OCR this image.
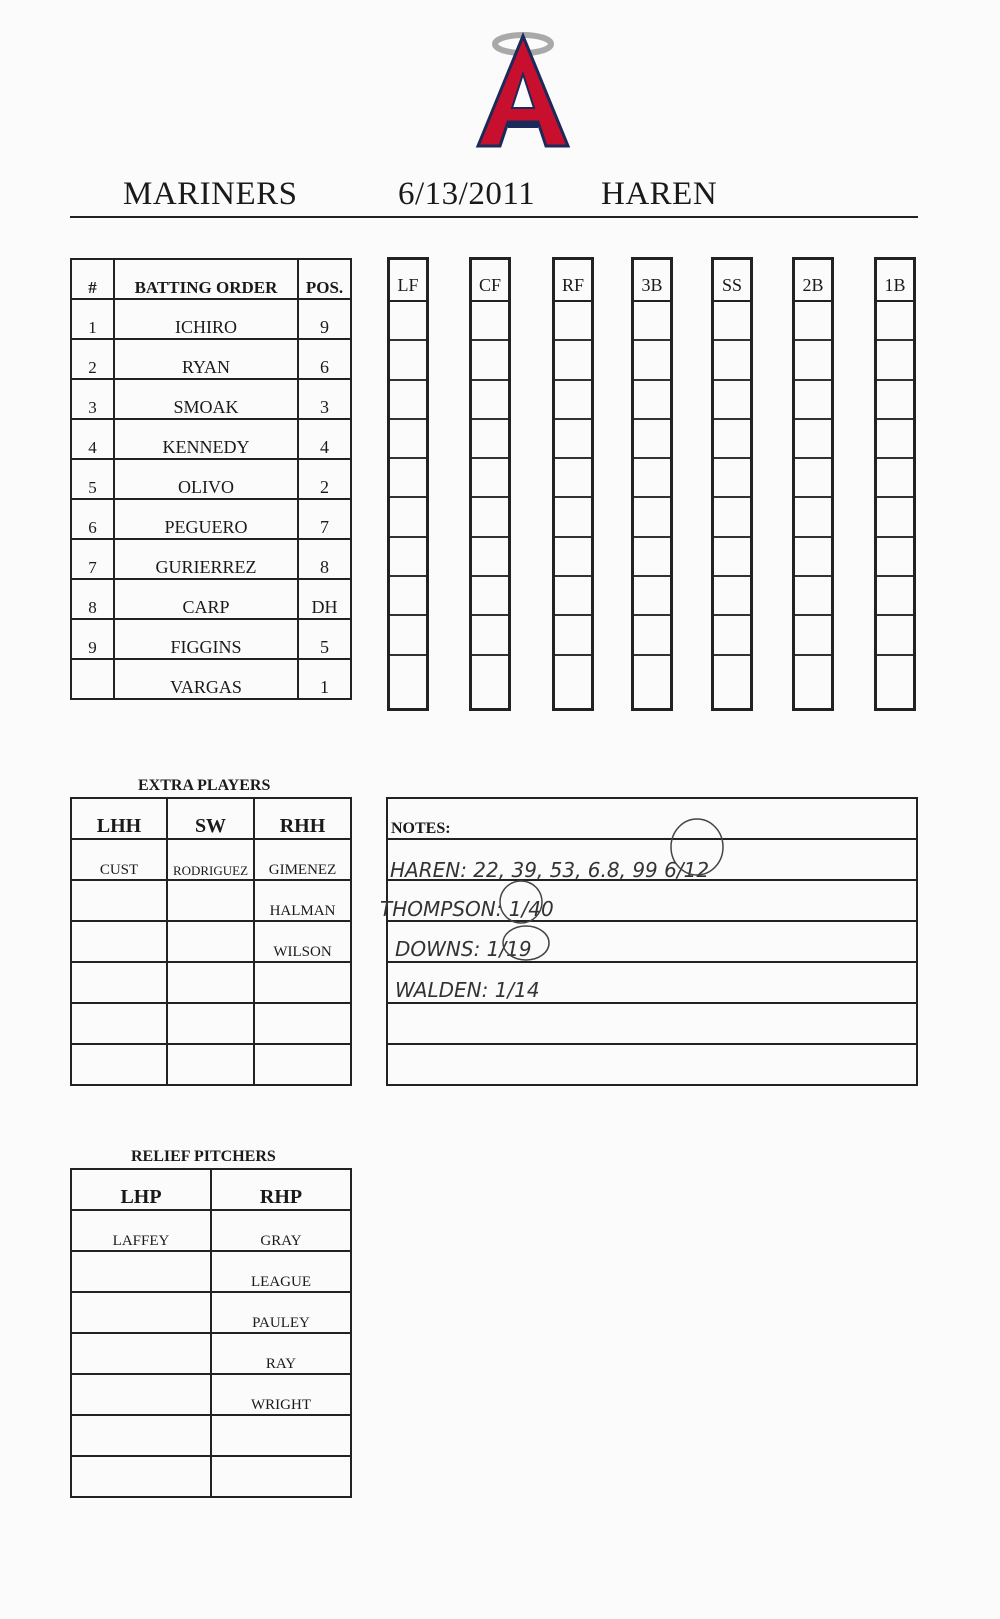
MARINERS	6/13/2011 HAREN
#	BATTING ORDER	POS.
1	ICHIRO	9
2	RYAN	6
3	SMOAK	3
4	KENNEDY	4
5	OLIVO	2
6	PEGUERO	7
7	GURIERREZ	8
8	CARP	DH
9	FIGGINS	5
	VARGAS	1
LF	CF	RF	3B	SS	2B	1B
EXTRA PLAYERS
LHH	SW	RHH
CUST	RODRIGUEZ	GIMENEZ
		HALMAN
		WILSON

NOTES:

HAREN: 22, 39, 53, 6.8, 99 6/12
THOMPSON: 1/40
DOWNS: 1/19
WALDEN: 1/14
RELIEF PITCHERS
LHP	RHP
LAFFEY	GRAY
	LEAGUE
	PAULEY
	RAY
	WRIGHT
